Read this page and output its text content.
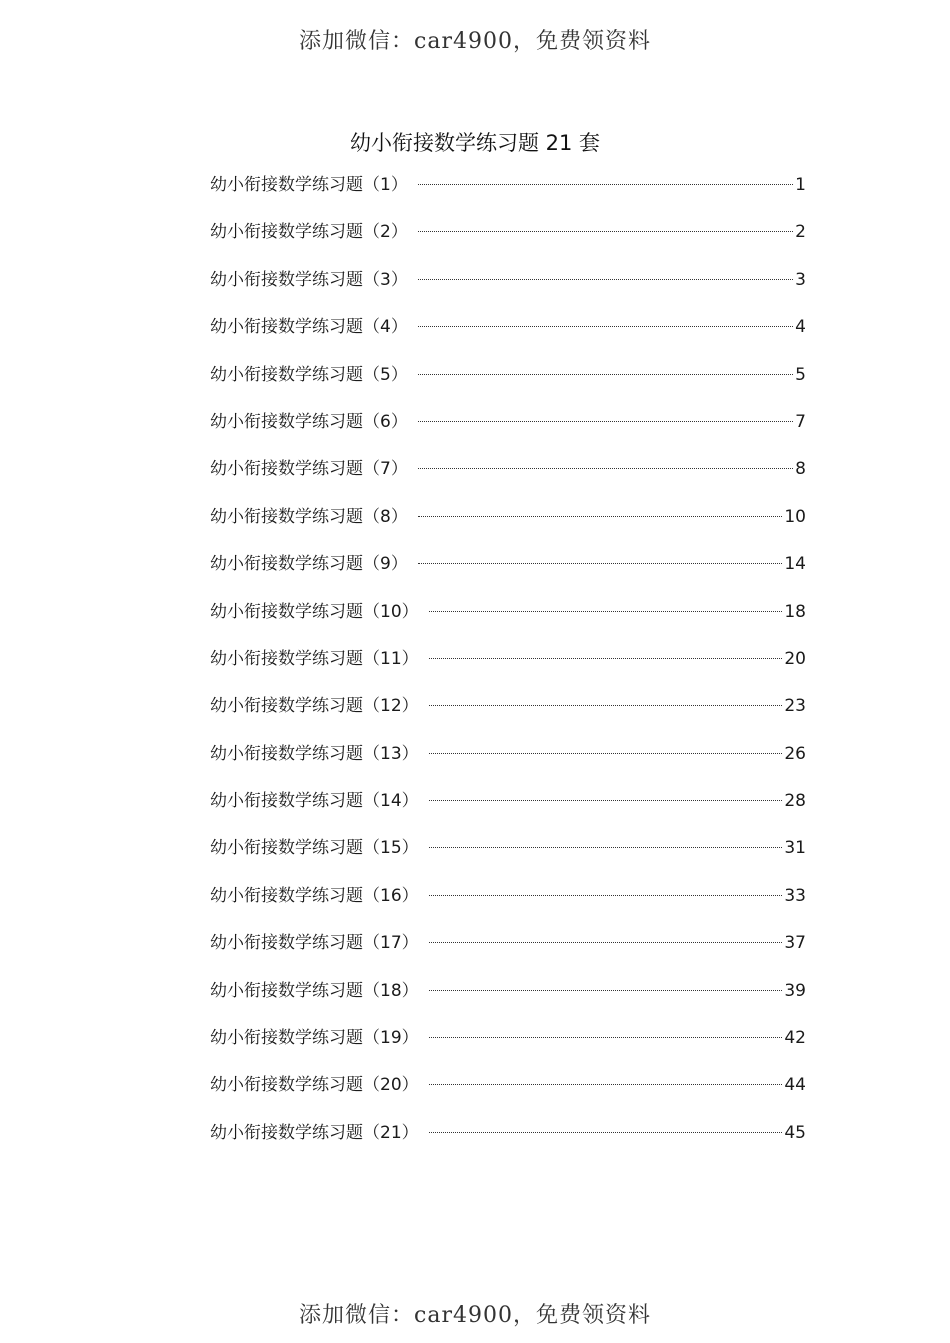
添加微信：car4900，免费领资料
幼小衔接数学练习题 21 套
幼小衔接数学练习题（1）	1
幼小衔接数学练习题（2）	2
幼小衔接数学练习题（3）	3
幼小衔接数学练习题（4）	4
幼小衔接数学练习题（5）	5
幼小衔接数学练习题（6）	7
幼小衔接数学练习题（7）	8
幼小衔接数学练习题（8）	10
幼小衔接数学练习题（9）	14
幼小衔接数学练习题（10）	18
幼小衔接数学练习题（11）	20
幼小衔接数学练习题（12）	23
幼小衔接数学练习题（13）	26
幼小衔接数学练习题（14）	28
幼小衔接数学练习题（15）	31
幼小衔接数学练习题（16）	33
幼小衔接数学练习题（17）	37
幼小衔接数学练习题（18）	39
幼小衔接数学练习题（19）	42
幼小衔接数学练习题（20）	44
幼小衔接数学练习题（21）	45
添加微信：car4900，免费领资料
